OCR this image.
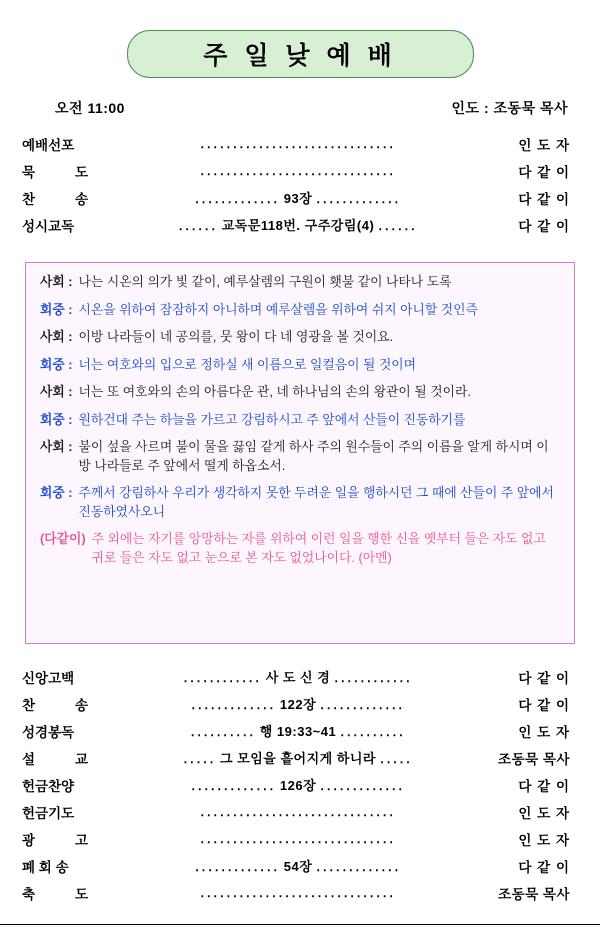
주 일 낮 예 배
오전 11:00	인도 : 조동묵 목사
예배선포	․․․․․․․․․․․․․․․․․․․․․․․․․․․․․․	인 도 자
묵	도	․․․․․․․․․․․․․․․․․․․․․․․․․․․․․․	다 같 이
찬	송	․․․․․․․․․․․․․ 93장 ․․․․․․․․․․․․․	다 같 이
성시교독	․․․․․․ 교독문118번. 구주강림(4) ․․․․․․	다 같 이
사회 : 나는 시온의 의가 빛 같이, 예루살렘의 구원이 횃불 같이 나타나 도록
회중 : 시온을 위하여 잠잠하지 아니하며 예루살렘을 위하여 쉬지 아니할 것인즉
사회 : 이방 나라들이 네 공의를, 뭇 왕이 다 네 영광을 볼 것이요.
회중 : 너는 여호와의 입으로 정하실 새 이름으로 일컬음이 될 것이며
사회 : 너는 또 여호와의 손의 아름다운 관, 네 하나님의 손의 왕관이 될 것이라.
회중 : 원하건대 주는 하늘을 가르고 강림하시고 주 앞에서 산들이 진동하기를
사회 : 불이 섶을 사르며 불이 물을 끓임 같게 하사 주의 원수들이 주의 이름을 알게 하시며 이방 나라들로 주 앞에서 떨게 하옵소서.
회중 : 주께서 강림하사 우리가 생각하지 못한 두려운 일을 행하시던 그 때에 산들이 주 앞에서 진동하였사오니
(다같이) 주 외에는 자기를 앙망하는 자를 위하여 이런 일을 행한 신을 옛부터 들은 자도 없고 귀로 들은 자도 없고 눈으로 본 자도 없었나이다. (아멘)
신앙고백	․․․․․․․․․․․․ 사 도 신 경 ․․․․․․․․․․․․	다 같 이
찬	송	․․․․․․․․․․․․․ 122장 ․․․․․․․․․․․․․	다 같 이
성경봉독	․․․․․․․․․․ 행 19:33~41 ․․․․․․․․․․	인 도 자
설	교	․․․․․ 그 모임을 흩어지게 하니라 ․․․․․	조동묵 목사
헌금찬양	․․․․․․․․․․․․․ 126장 ․․․․․․․․․․․․․	다 같 이
헌금기도	․․․․․․․․․․․․․․․․․․․․․․․․․․․․․․	인 도 자
광	고	․․․․․․․․․․․․․․․․․․․․․․․․․․․․․․	인 도 자
폐 회 송	․․․․․․․․․․․․․ 54장 ․․․․․․․․․․․․․	다 같 이
축	도	․․․․․․․․․․․․․․․․․․․․․․․․․․․․․․	조동묵 목사
